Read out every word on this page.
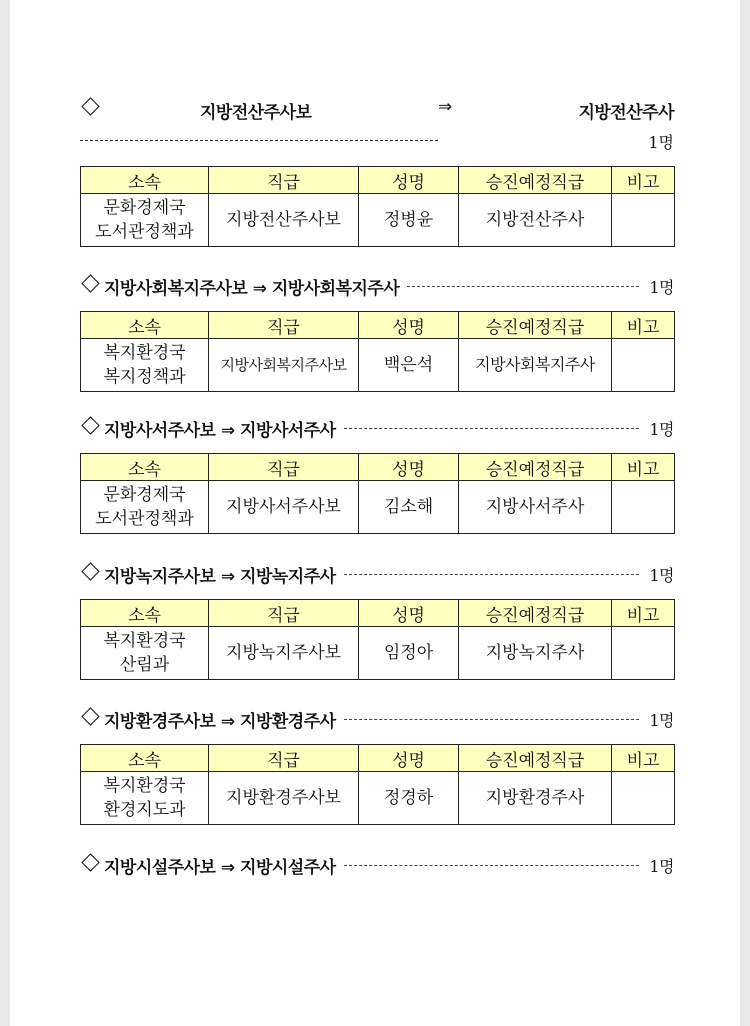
지방전산주사보	⇒	지방전산주사
1명
소속	직급	성명	승진예정직급	비고
문화경제국
도서관정책과	지방전산주사보	정병윤	지방전산주사	
지방사회복지주사보 ⇒ 지방사회복지주사	1명
소속	직급	성명	승진예정직급	비고
복지환경국
복지정책과	지방사회복지주사보	백은석	지방사회복지주사	
지방사서주사보 ⇒ 지방사서주사	1명
소속	직급	성명	승진예정직급	비고
문화경제국
도서관정책과	지방사서주사보	김소해	지방사서주사	
지방녹지주사보 ⇒ 지방녹지주사	1명
소속	직급	성명	승진예정직급	비고
복지환경국
산림과	지방녹지주사보	임정아	지방녹지주사	
지방환경주사보 ⇒ 지방환경주사	1명
소속	직급	성명	승진예정직급	비고
복지환경국
환경지도과	지방환경주사보	정경하	지방환경주사	
지방시설주사보 ⇒ 지방시설주사	1명
